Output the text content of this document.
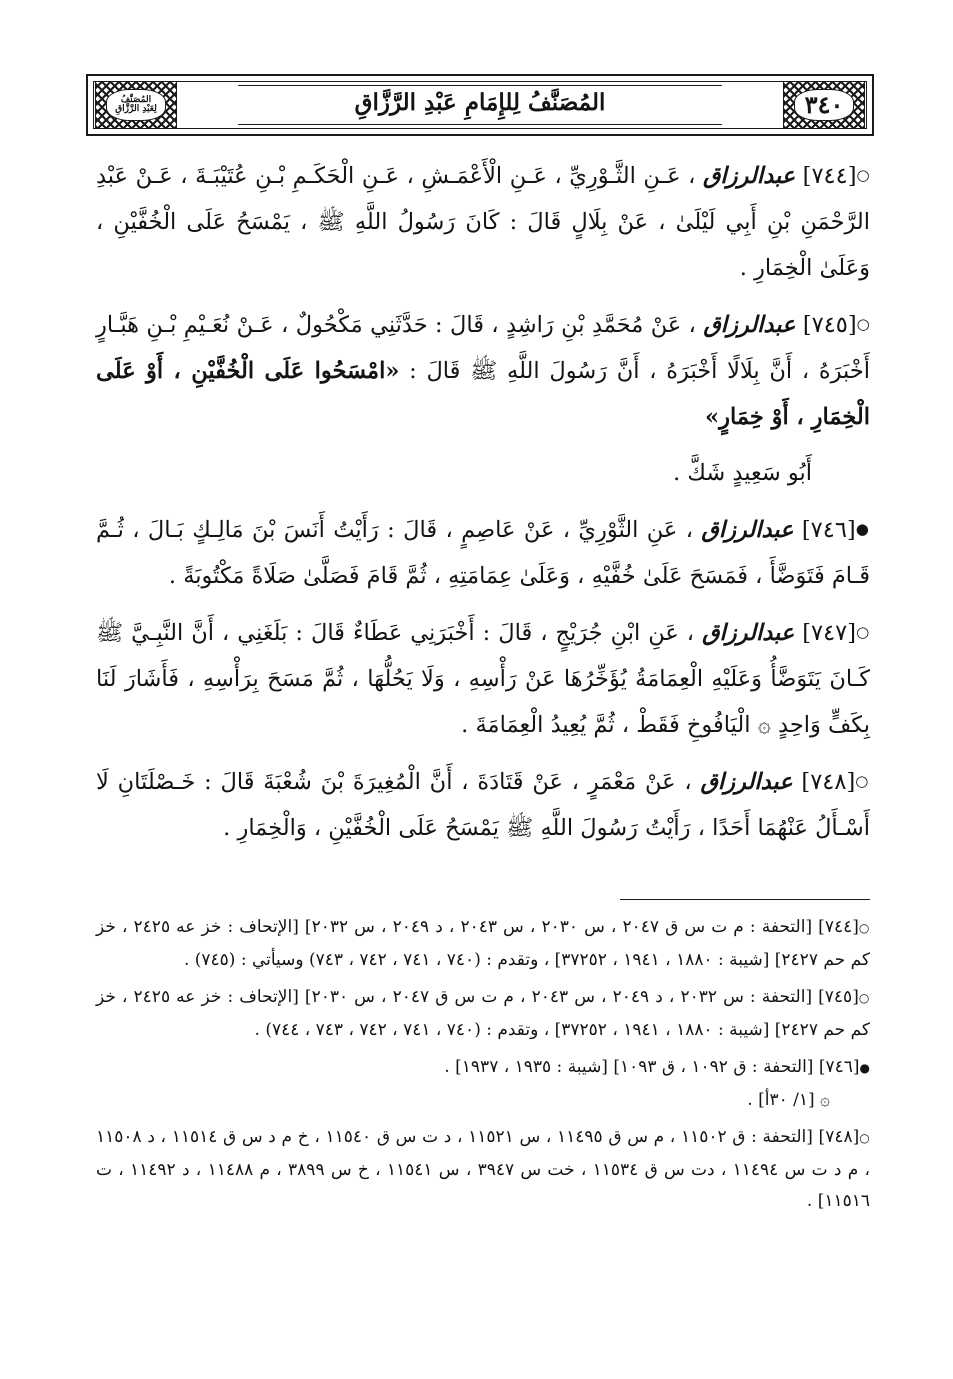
٣٤٠
المُصَنَّفُ لِلإِمَامِ عَبْدِ الرَّزَّاقِ
المُصَنَّفُ
لِعَبْدِ الرَّزَّاقِ

○[٧٤٤] عبدالرزاق ، عَـنِ الثَّـوْرِيِّ ، عَـنِ الْأَعْمَـشِ ، عَـنِ الْحَكَـمِ بْـنِ عُتَيْبَـةَ ، عَـنْ عَبْدِ الرَّحْمَنِ بْنِ أَبِي لَيْلَىٰ ، عَنْ بِلَالٍ قَالَ : كَانَ رَسُولُ اللَّهِ ﷺ ، يَمْسَحُ عَلَى الْخُفَّيْنِ ، وَعَلَىٰ الْخِمَارِ .

○[٧٤٥] عبدالرزاق ، عَنْ مُحَمَّدِ بْنِ رَاشِدٍ ، قَالَ : حَدَّثَنِي مَكْحُولٌ ، عَـنْ نُعَـيْمِ بْـنِ هَبَّـارٍ أَخْبَرَهُ ، أَنَّ بِلَالًا أَخْبَرَهُ ، أَنَّ رَسُولَ اللَّهِ ﷺ قَالَ : «امْسَحُوا عَلَى الْخُفَّيْنِ ، أَوْ عَلَى الْخِمَارِ ، أَوْ خِمَارٍ»

أَبُو سَعِيدٍ شَكَّ .

●[٧٤٦] عبدالرزاق ، عَنِ الثَّوْرِيِّ ، عَنْ عَاصِمٍ ، قَالَ : رَأَيْتُ أَنَسَ بْنَ مَالِـكٍ بَـالَ ، ثُـمَّ قَـامَ فَتَوَضَّأَ ، فَمَسَحَ عَلَىٰ خُفَّيْهِ ، وَعَلَىٰ عِمَامَتِهِ ، ثُمَّ قَامَ فَصَلَّىٰ صَلَاةً مَكْتُوبَةً .

○[٧٤٧] عبدالرزاق ، عَنِ ابْنِ جُرَيْجٍ ، قَالَ : أَخْبَرَنِي عَطَاءٌ قَالَ : بَلَغَنِي ، أَنَّ النَّبِـيَّ ﷺ كَـانَ يَتَوَضَّأُ وَعَلَيْهِ الْعِمَامَةُ يُؤَخِّرُهَا عَنْ رَأْسِهِ ، وَلَا يَحُلُّهَا ، ثُمَّ مَسَحَ بِرَأْسِهِ ، فَأَشَارَ لَنَا بِكَفٍّ وَاحِدٍ ۞ الْيَافُوخِ فَقَطْ ، ثُمَّ يُعِيدُ الْعِمَامَةَ .

○[٧٤٨] عبدالرزاق ، عَنْ مَعْمَرٍ ، عَنْ قَتَادَةَ ، أَنَّ الْمُغِيرَةَ بْنَ شُعْبَةَ قَالَ : خَـصْلَتَانِ لَا أَسْـأَلُ عَنْهُمَا أَحَدًا ، رَأَيْتُ رَسُولَ اللَّهِ ﷺ يَمْسَحُ عَلَى الْخُفَّيْنِ ، وَالْخِمَارِ .

○[٧٤٤] [التحفة : م ت س ق ٢٠٤٧ ، س ٢٠٣٠ ، س ٢٠٤٣ ، د ٢٠٤٩ ، س ٢٠٣٢] [الإتحاف : خز عه ٢٤٢٥ ، خز كم حم ٢٤٢٧] [شيبة : ١٨٨٠ ، ١٩٤١ ، ٣٧٢٥٢] ، وتقدم : (٧٤٠ ، ٧٤١ ، ٧٤٢ ، ٧٤٣) وسيأتي : (٧٤٥) .

○[٧٤٥] [التحفة : س ٢٠٣٢ ، د ٢٠٤٩ ، س ٢٠٤٣ ، م ت س ق ٢٠٤٧ ، س ٢٠٣٠] [الإتحاف : خز عه ٢٤٢٥ ، خز كم حم ٢٤٢٧] [شيبة : ١٨٨٠ ، ١٩٤١ ، ٣٧٢٥٢] ، وتقدم : (٧٤٠ ، ٧٤١ ، ٧٤٢ ، ٧٤٣ ، ٧٤٤) .

●[٧٤٦] [التحفة : ق ١٠٩٢ ، ق ١٠٩٣] [شيبة : ١٩٣٥ ، ١٩٣٧] .

۞ [١/ ٣٠أ] .

○[٧٤٨] [التحفة : ق ١١٥٠٢ ، م س ق ١١٤٩٥ ، س ١١٥٢١ ، د ت س ق ١١٥٤٠ ، خ م د س ق ١١٥١٤ ، د ١١٥٠٨ ، م د ت س ١١٤٩٤ ، دت س ق ١١٥٣٤ ، خت س ٣٩٤٧ ، س ١١٥٤١ ، خ س ٣٨٩٩ ، م ١١٤٨٨ ، د ١١٤٩٢ ، ت ١١٥١٦] .
